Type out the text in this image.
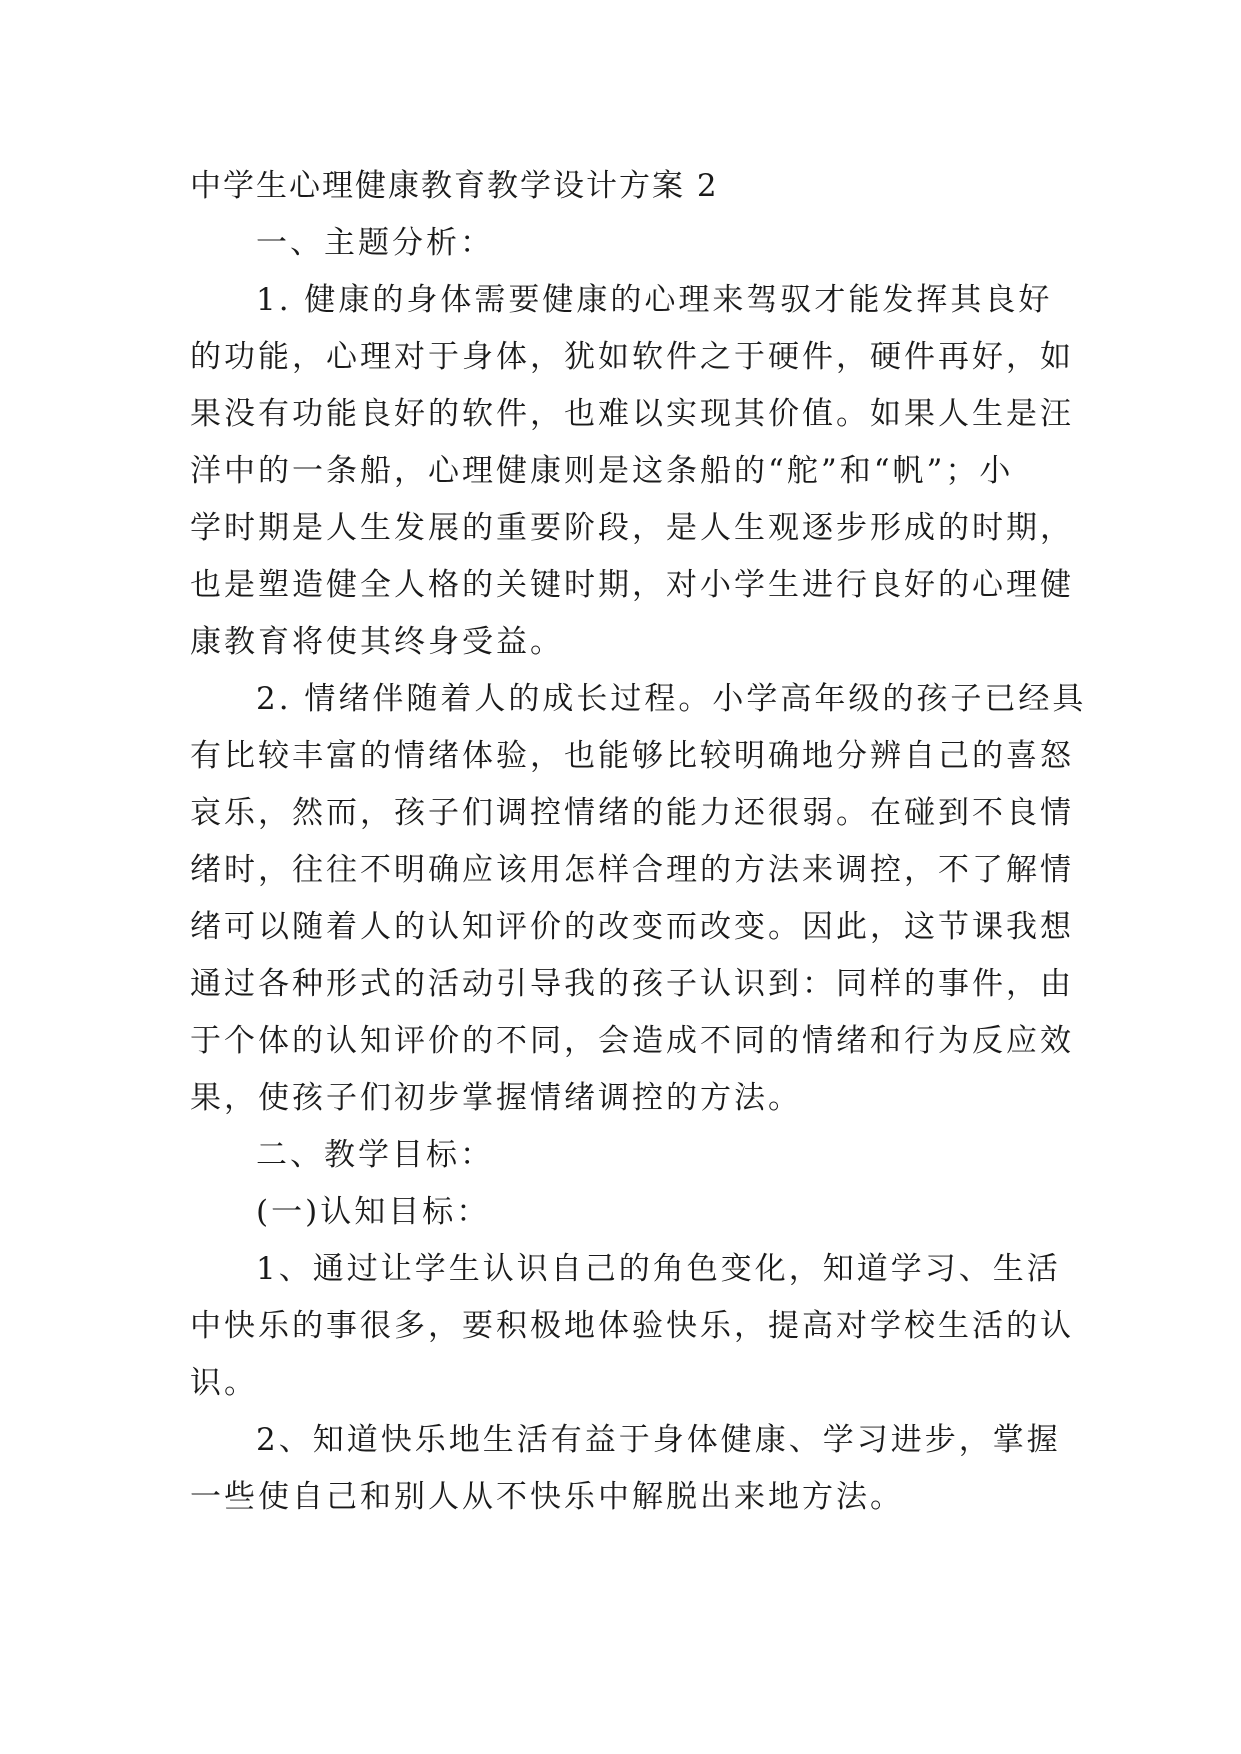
中学生心理健康教育教学设计方案 2

一、主题分析：

1. 健康的身体需要健康的心理来驾驭才能发挥其良好

的功能，心理对于身体，犹如软件之于硬件，硬件再好，如

果没有功能良好的软件，也难以实现其价值。如果人生是汪

洋中的一条船，心理健康则是这条船的“舵”和“帆”；小

学时期是人生发展的重要阶段，是人生观逐步形成的时期，

也是塑造健全人格的关键时期，对小学生进行良好的心理健

康教育将使其终身受益。

2. 情绪伴随着人的成长过程。小学高年级的孩子已经具

有比较丰富的情绪体验，也能够比较明确地分辨自己的喜怒

哀乐，然而，孩子们调控情绪的能力还很弱。在碰到不良情

绪时，往往不明确应该用怎样合理的方法来调控，不了解情

绪可以随着人的认知评价的改变而改变。因此，这节课我想

通过各种形式的活动引导我的孩子认识到：同样的事件，由

于个体的认知评价的不同，会造成不同的情绪和行为反应效

果，使孩子们初步掌握情绪调控的方法。

二、教学目标：

(一)认知目标：

1、通过让学生认识自己的角色变化，知道学习、生活

中快乐的事很多，要积极地体验快乐，提高对学校生活的认

识。

2、知道快乐地生活有益于身体健康、学习进步，掌握

一些使自己和别人从不快乐中解脱出来地方法。
